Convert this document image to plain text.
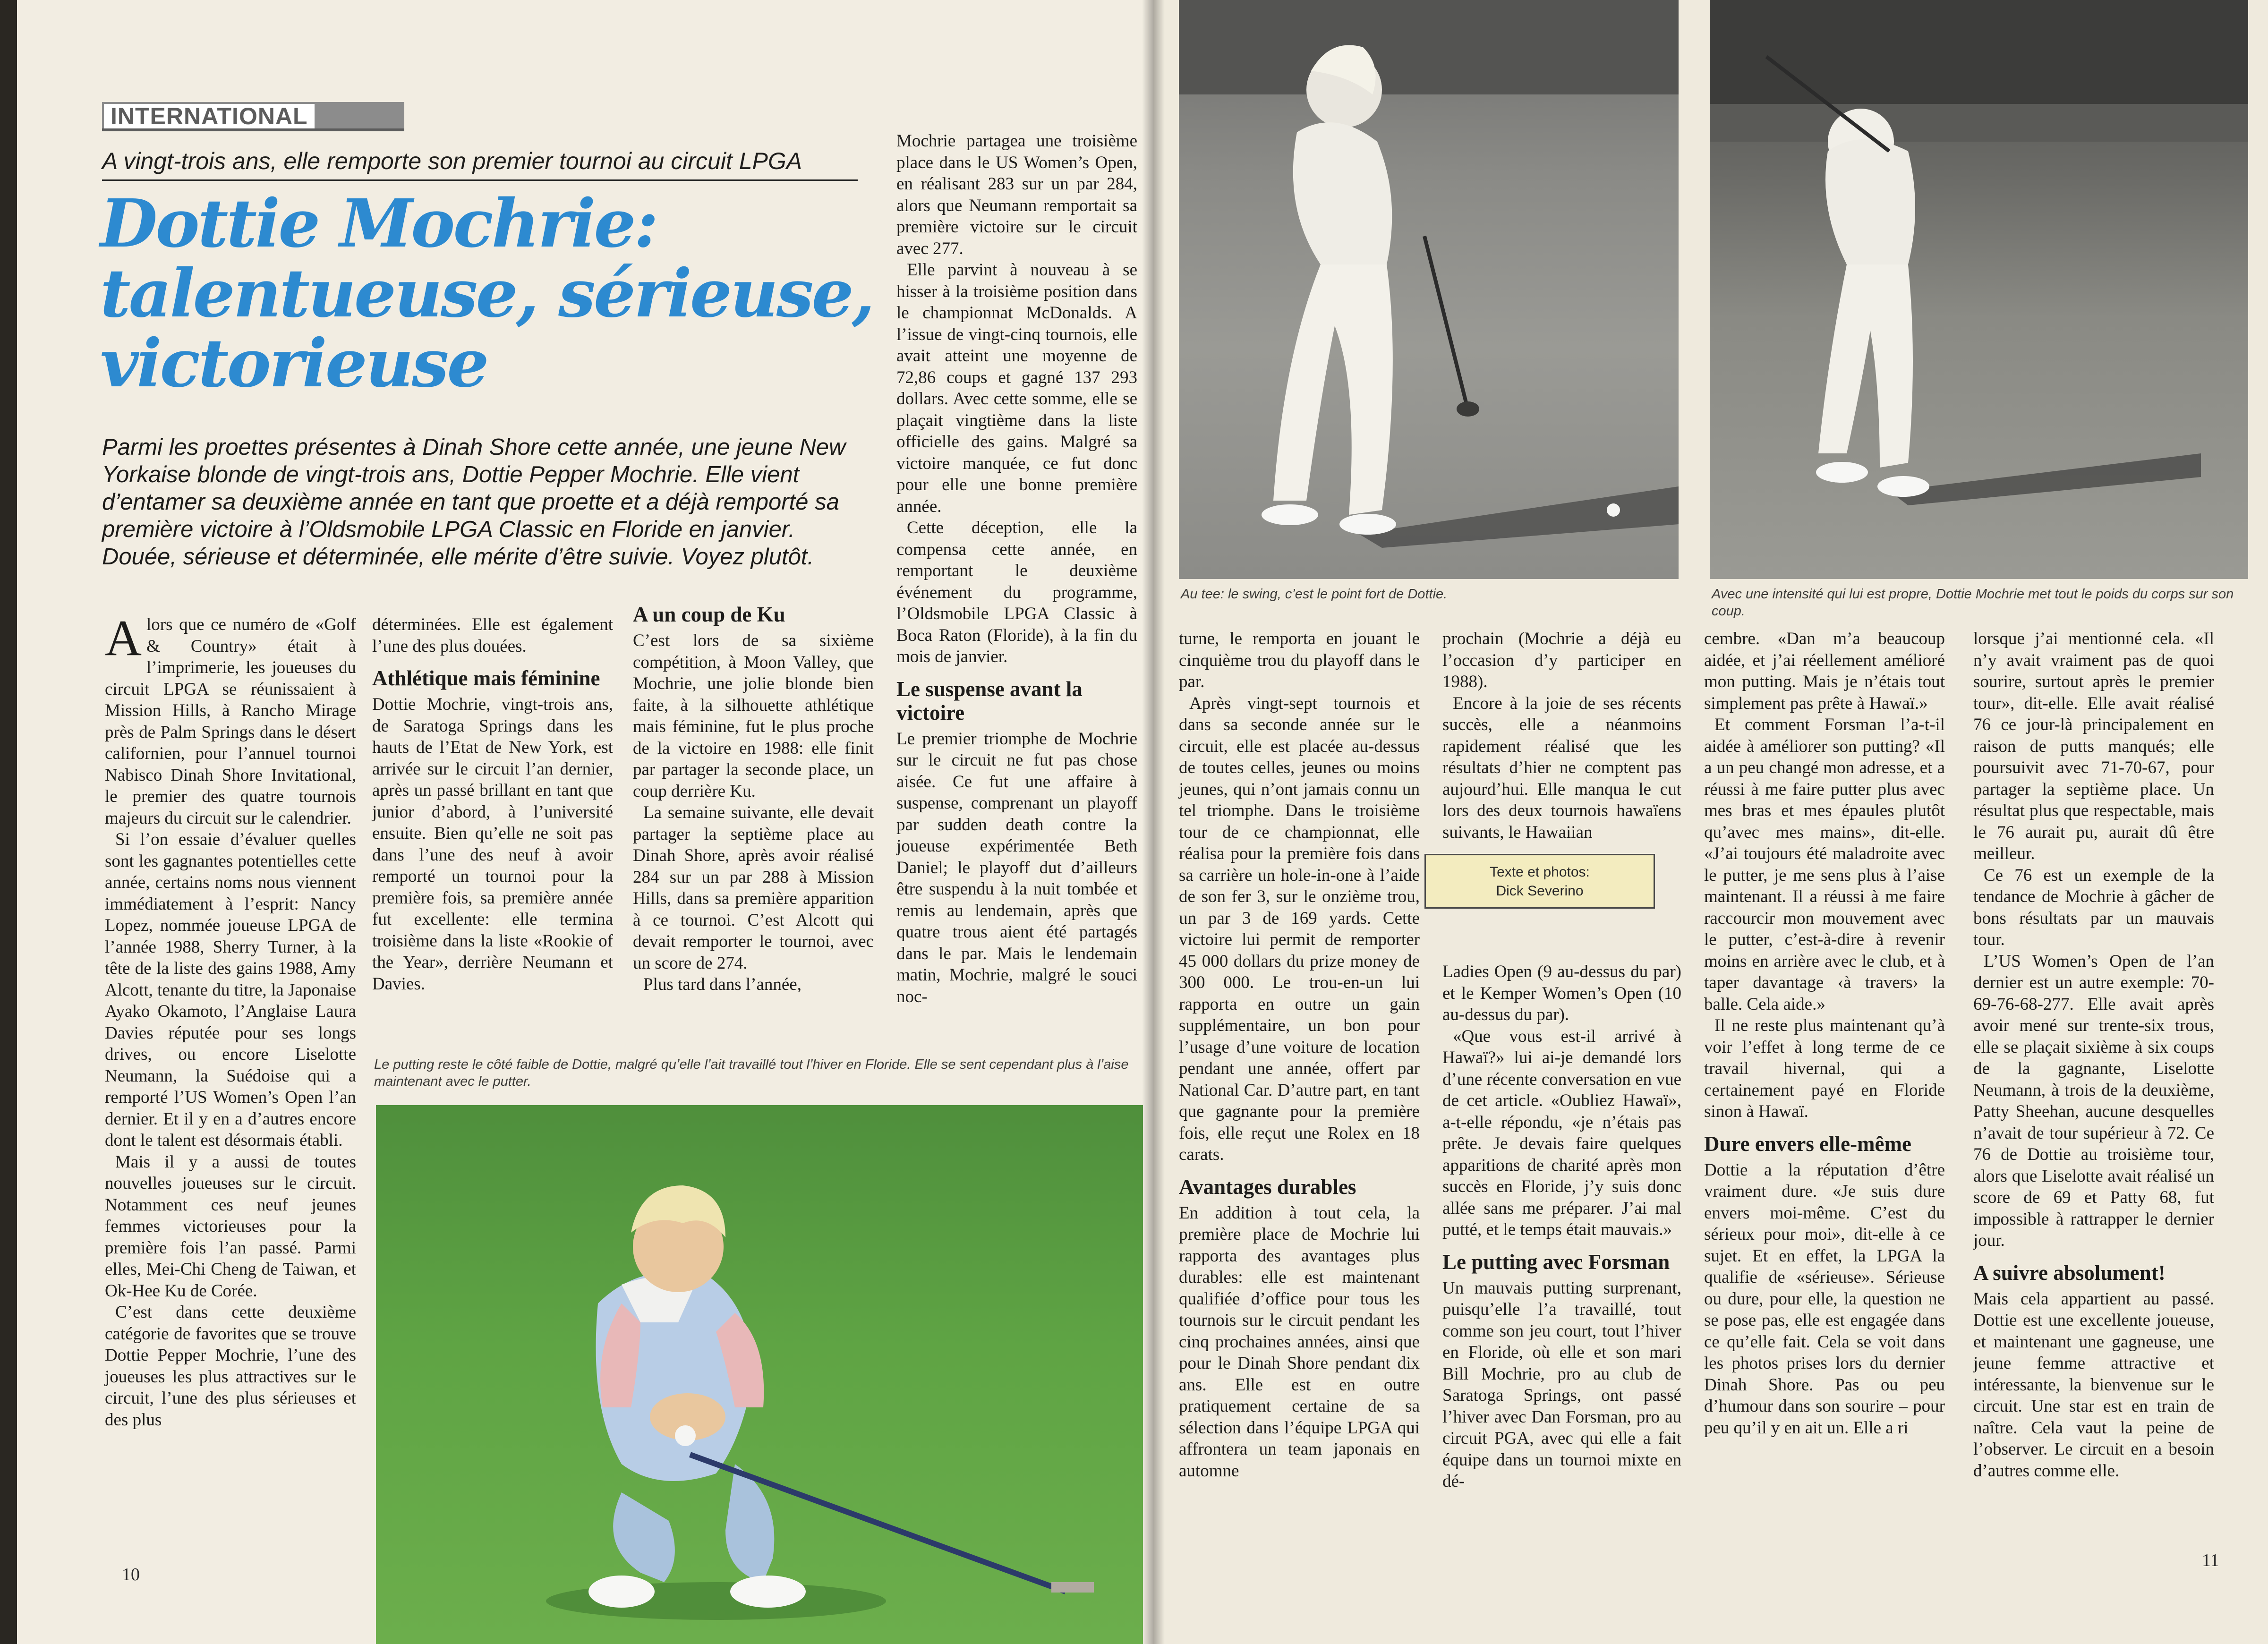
INTERNATIONAL
A vingt-trois ans, elle remporte son premier tournoi au circuit LPGA
Dottie Mochrie:
talentueuse, sérieuse,
victorieuse
Parmi les proettes présentes à Dinah Shore cette année, une jeune New Yorkaise blonde de vingt-trois ans, Dottie Pepper Mochrie. Elle vient d’entamer sa deuxième année en tant que proette et a déjà remporté sa première victoire à l’Oldsmobile LPGA Classic en Floride en janvier. Douée, sérieuse et déterminée, elle mérite d’être suivie. Voyez plutôt.

Alors que ce numéro de «Golf & Country» était à l’imprimerie, les joueuses du circuit LPGA se réunissaient à Mission Hills, à Rancho Mirage près de Palm Springs dans le désert californien, pour l’annuel tournoi Nabisco Dinah Shore Invitational, le premier des quatre tournois majeurs du circuit sur le calendrier.

Si l’on essaie d’évaluer quelles sont les gagnantes potentielles cette année, certains noms nous viennent immédiatement à l’esprit: Nancy Lopez, nommée joueuse LPGA de l’année 1988, Sherry Turner, à la tête de la liste des gains 1988, Amy Alcott, tenante du titre, la Japonaise Ayako Okamoto, l’Anglaise Laura Davies réputée pour ses longs drives, ou encore Liselotte Neumann, la Suédoise qui a remporté l’US Women’s Open l’an dernier. Et il y en a d’autres encore dont le talent est désormais établi.

Mais il y a aussi de toutes nouvelles joueuses sur le circuit. Notamment ces neuf jeunes femmes victorieuses pour la première fois l’an passé. Parmi elles, Mei-Chi Cheng de Taiwan, et Ok-Hee Ku de Corée.

C’est dans cette deuxième catégorie de favorites que se trouve Dottie Pepper Mochrie, l’une des joueuses les plus attractives sur le circuit, l’une des plus sérieuses et des plus

déterminées. Elle est également l’une des plus douées.

Athlétique mais féminine

Dottie Mochrie, vingt-trois ans, de Saratoga Springs dans les hauts de l’Etat de New York, est arrivée sur le circuit l’an dernier, après un passé brillant en tant que junior d’abord, à l’université ensuite. Bien qu’elle ne soit pas dans l’une des neuf à avoir remporté un tournoi pour la première fois, sa première année fut excellente: elle termina troisième dans la liste «Rookie of the Year», derrière Neumann et Davies.

A un coup de Ku

C’est lors de sa sixième compétition, à Moon Valley, que Mochrie, une jolie blonde bien faite, à la silhouette athlétique mais féminine, fut le plus proche de la victoire en 1988: elle finit par partager la seconde place, un coup derrière Ku.

La semaine suivante, elle devait partager la septième place au Dinah Shore, après avoir réalisé 284 sur un par 288 à Mission Hills, dans sa première apparition à ce tournoi. C’est Alcott qui devait remporter le tournoi, avec un score de 274.

Plus tard dans l’année,

Mochrie partagea une troisième place dans le US Women’s Open, en réalisant 283 sur un par 284, alors que Neumann remportait sa première victoire sur le circuit avec 277.

Elle parvint à nouveau à se hisser à la troisième position dans le championnat McDonalds. A l’issue de vingt-cinq tournois, elle avait atteint une moyenne de 72,86 coups et gagné 137 293 dollars. Avec cette somme, elle se plaçait vingtième dans la liste officielle des gains. Malgré sa victoire manquée, ce fut donc pour elle une bonne première année.

Cette déception, elle la compensa cette année, en remportant le deuxième événement du programme, l’Oldsmobile LPGA Classic à Boca Raton (Floride), à la fin du mois de janvier.

Le suspense avant la victoire

Le premier triomphe de Mochrie sur le circuit ne fut pas chose aisée. Ce fut une affaire à suspense, comprenant un playoff par sudden death contre la joueuse expérimentée Beth Daniel; le playoff dut d’ailleurs être suspendu à la nuit tombée et remis au lendemain, après que quatre trous aient été partagés dans le par. Mais le lendemain matin, Mochrie, malgré le souci noc-

Le putting reste le côté faible de Dottie, malgré qu’elle l’ait travaillé tout l’hiver en Floride. Elle se sent cependant plus à l’aise maintenant avec le putter.
10
Au tee: le swing, c’est le point fort de Dottie.	Avec une intensité qui lui est propre, Dottie Mochrie met tout le poids du corps sur son coup.

turne, le remporta en jouant le cinquième trou du playoff dans le par.

Après vingt-sept tournois et dans sa seconde année sur le circuit, elle est placée au-dessus de toutes celles, jeunes ou moins jeunes, qui n’ont jamais connu un tel triomphe. Dans le troisième tour de ce championnat, elle réalisa pour la première fois dans sa carrière un hole-in-one à l’aide de son fer 3, sur le onzième trou, un par 3 de 169 yards. Cette victoire lui permit de remporter 45 000 dollars du prize money de 300 000. Le trou-en-un lui rapporta en outre un gain supplémentaire, un bon pour l’usage d’une voiture de location pendant une année, offert par National Car. D’autre part, en tant que gagnante pour la première fois, elle reçut une Rolex en 18 carats.

Avantages durables

En addition à tout cela, la première place de Mochrie lui rapporta des avantages plus durables: elle est maintenant qualifiée d’office pour tous les tournois sur le circuit pendant les cinq prochaines années, ainsi que pour le Dinah Shore pendant dix ans. Elle est en outre pratiquement certaine de sa sélection dans l’équipe LPGA qui affrontera un team japonais en automne

prochain (Mochrie a déjà eu l’occasion d’y participer en 1988).

Encore à la joie de ses récents succès, elle a néanmoins rapidement réalisé que les résultats d’hier ne comptent pas aujourd’hui. Elle manqua le cut lors des deux tournois hawaïens suivants, le Hawaiian

Ladies Open (9 au-dessus du par) et le Kemper Women’s Open (10 au-dessus du par).

«Que vous est-il arrivé à Hawaï?» lui ai-je demandé lors d’une récente conversation en vue de cet article. «Oubliez Hawaï», a-t-elle répondu, «je n’étais pas prête. Je devais faire quelques apparitions de charité après mon succès en Floride, j’y suis donc allée sans me préparer. J’ai mal putté, et le temps était mauvais.»

Le putting avec Forsman

Un mauvais putting surprenant, puisqu’elle l’a travaillé, tout comme son jeu court, tout l’hiver en Floride, où elle et son mari Bill Mochrie, pro au club de Saratoga Springs, ont passé l’hiver avec Dan Forsman, pro au circuit PGA, avec qui elle a fait équipe dans un tournoi mixte en dé-

cembre. «Dan m’a beaucoup aidée, et j’ai réellement amélioré mon putting. Mais je n’étais tout simplement pas prête à Hawaï.»

Et comment Forsman l’a-t-il aidée à améliorer son putting? «Il a un peu changé mon adresse, et a réussi à me faire putter plus avec mes bras et mes épaules plutôt qu’avec mes mains», dit-elle. «J’ai toujours été maladroite avec le putter, je me sens plus à l’aise maintenant. Il a réussi à me faire raccourcir mon mouvement avec le putter, c’est-à-dire à revenir moins en arrière avec le club, et à taper davantage ‹à travers› la balle. Cela aide.»

Il ne reste plus maintenant qu’à voir l’effet à long terme de ce travail hivernal, qui a certainement payé en Floride sinon à Hawaï.

Dure envers elle-même

Dottie a la réputation d’être vraiment dure. «Je suis dure envers moi-même. C’est du sérieux pour moi», dit-elle à ce sujet. Et en effet, la LPGA la qualifie de «sérieuse». Sérieuse ou dure, pour elle, la question ne se pose pas, elle est engagée dans ce qu’elle fait. Cela se voit dans les photos prises lors du dernier Dinah Shore. Pas ou peu d’humour dans son sourire – pour peu qu’il y en ait un. Elle a ri

lorsque j’ai mentionné cela. «Il n’y avait vraiment pas de quoi sourire, surtout après le premier tour», dit-elle. Elle avait réalisé 76 ce jour-là principalement en raison de putts manqués; elle poursuivit avec 71-70-67, pour partager la septième place. Un résultat plus que respectable, mais le 76 aurait pu, aurait dû être meilleur.

Ce 76 est un exemple de la tendance de Mochrie à gâcher de bons résultats par un mauvais tour.

L’US Women’s Open de l’an dernier est un autre exemple: 70-69-76-68-277. Elle avait après avoir mené sur trente-six trous, elle se plaçait sixième à six coups de la gagnante, Liselotte Neumann, à trois de la deuxième, Patty Sheehan, aucune desquelles n’avait de tour supérieur à 72. Ce 76 de Dottie au troisième tour, alors que Liselotte avait réalisé un score de 69 et Patty 68, fut impossible à rattrapper le dernier jour.

A suivre absolument!

Mais cela appartient au passé. Dottie est une excellente joueuse, et maintenant une gagneuse, une jeune femme attractive et intéressante, la bienvenue sur le circuit. Une star est en train de naître. Cela vaut la peine de l’observer. Le circuit en a besoin d’autres comme elle.

11
Texte et photos:
Dick Severino
